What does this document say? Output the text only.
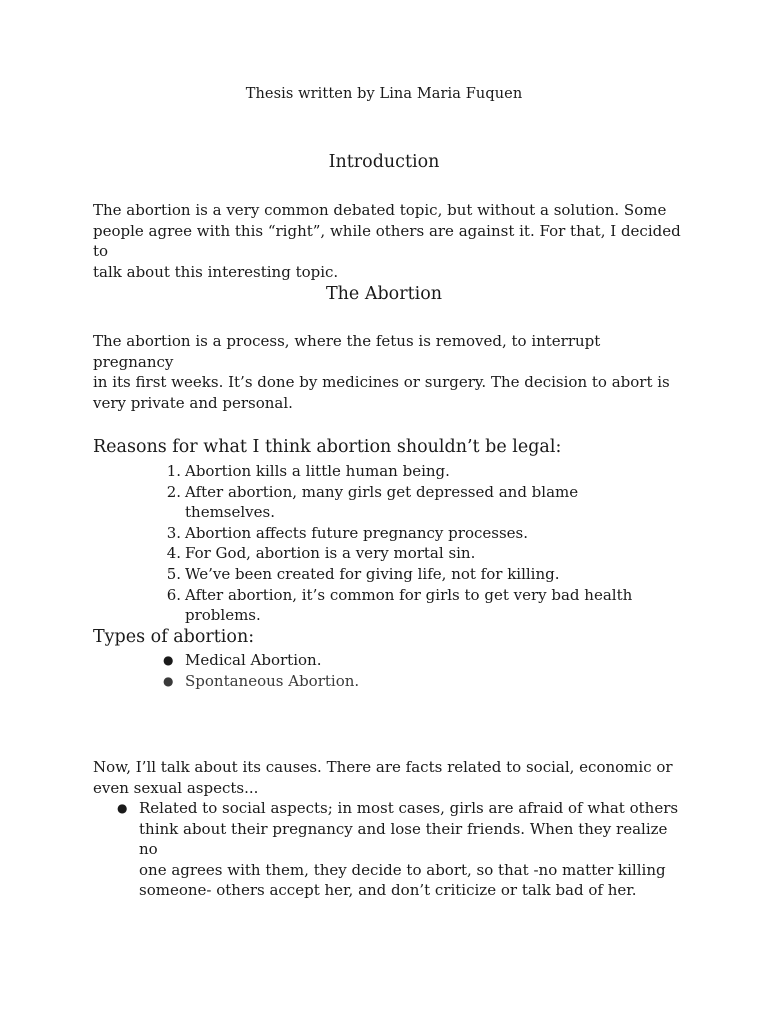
Thesis written by Lina Maria Fuquen
Introduction
The abortion is a very common debated topic, but without a solution. Some
people agree with this “right”, while others are against it. For that, I decided to
talk about this interesting topic.
The Abortion
The abortion is a process, where the fetus is removed, to interrupt pregnancy
in its first weeks. It’s done by medicines or surgery. The decision to abort is
very private and personal.
Reasons for what I think abortion shouldn’t be legal:
1. Abortion kills a little human being.
2. After abortion, many girls get depressed and blame themselves.
3. Abortion affects future pregnancy processes.
4. For God, abortion is a very mortal sin.
5. We’ve been created for giving life, not for killing.
6. After abortion, it’s common for girls to get very bad health
problems.
Types of abortion:
● Medical Abortion.
● Spontaneous Abortion.
Now, I’ll talk about its causes. There are facts related to social, economic or
even sexual aspects...
● Related to social aspects; in most cases, girls are afraid of what others
think about their pregnancy and lose their friends. When they realize no
one agrees with them, they decide to abort, so that -no matter killing
someone- others accept her, and don’t criticize or talk bad of her.
